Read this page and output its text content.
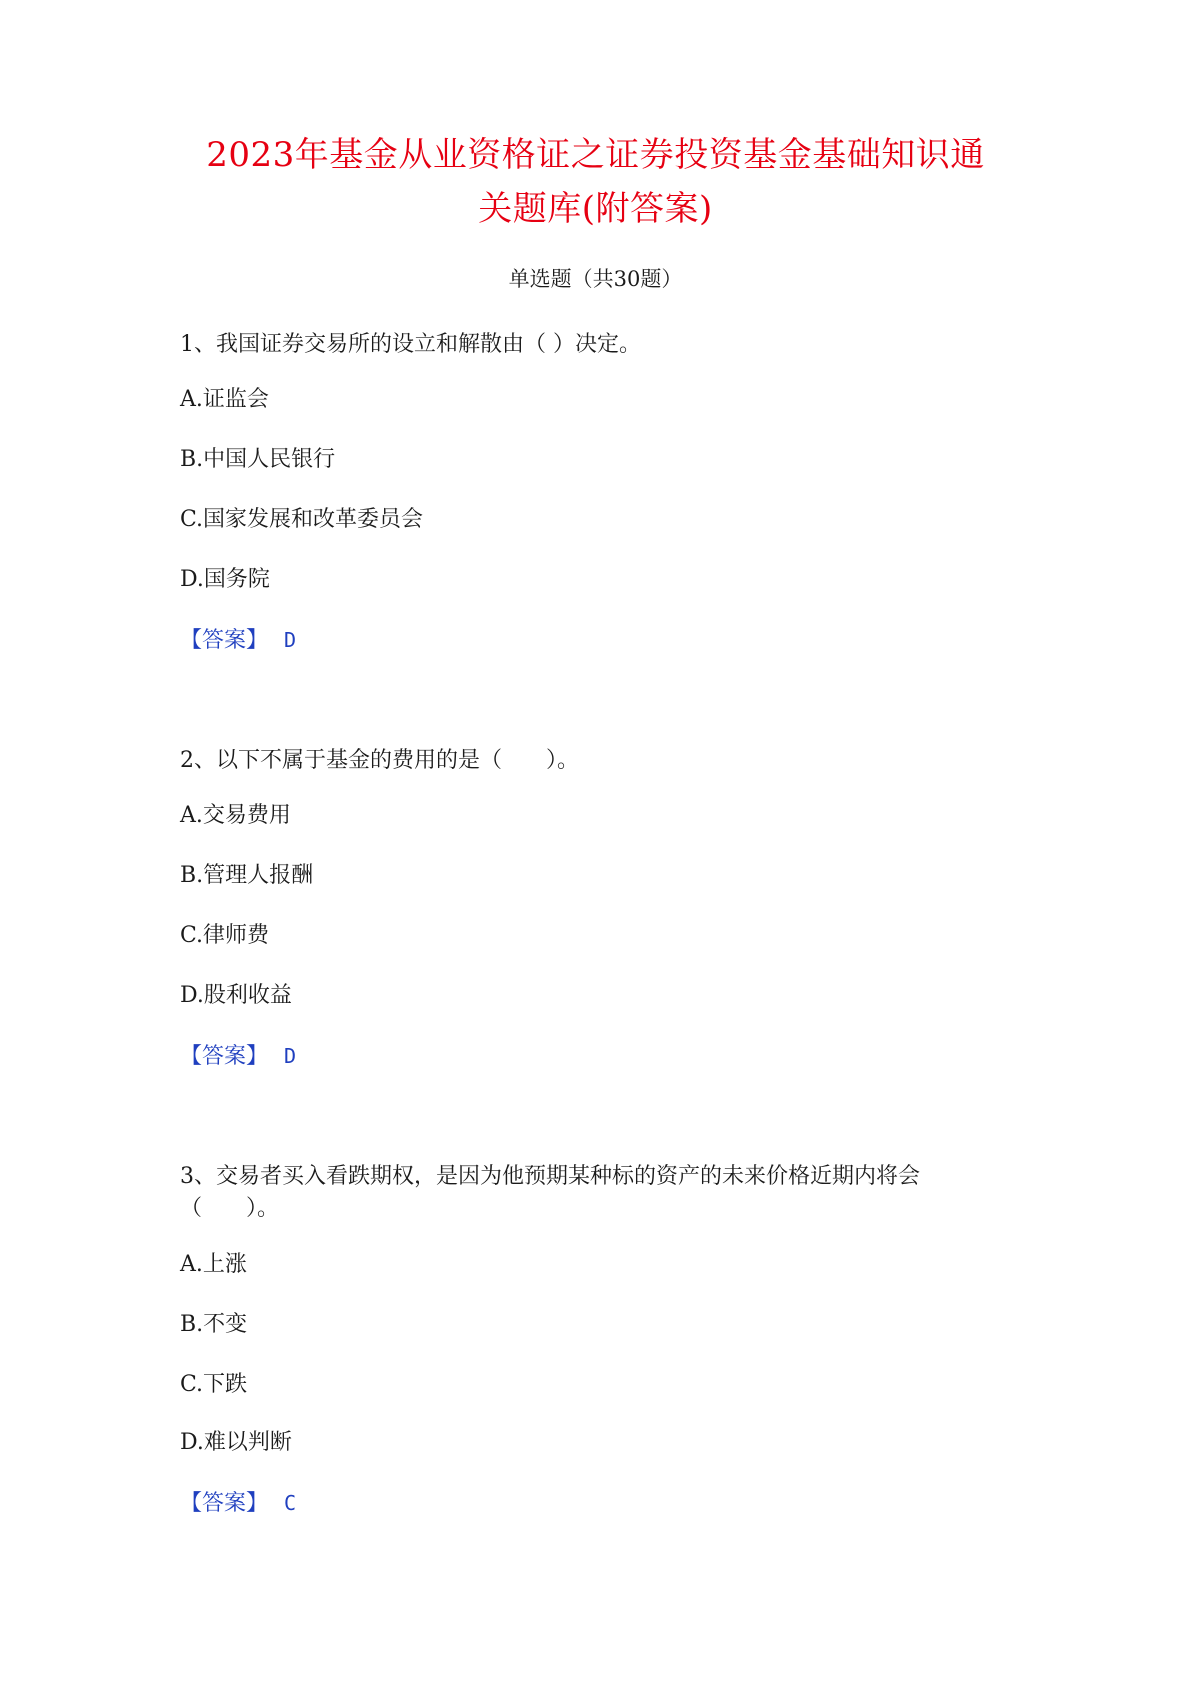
2023年基金从业资格证之证券投资基金基础知识通
关题库(附答案)
单选题（共30题）

1、我国证券交易所的设立和解散由（ ）决定。

A.证监会

B.中国人民银行

C.国家发展和改革委员会

D.国务院

【答案】 D

2、以下不属于基金的费用的是（　　）。

A.交易费用

B.管理人报酬

C.律师费

D.股利收益

【答案】 D

3、交易者买入看跌期权，是因为他预期某种标的资产的未来价格近期内将会

（　　）。

A.上涨

B.不变

C.下跌

D.难以判断

【答案】 C
